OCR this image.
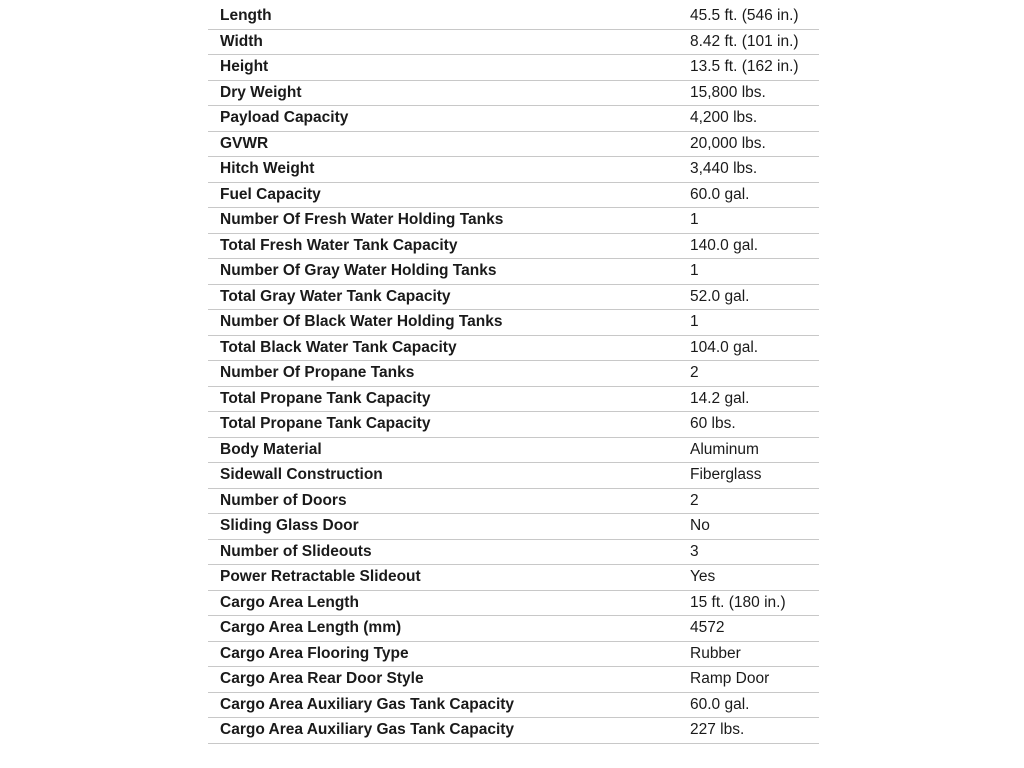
Length	45.5 ft. (546 in.)
Width	8.42 ft. (101 in.)
Height	13.5 ft. (162 in.)
Dry Weight	15,800 lbs.
Payload Capacity	4,200 lbs.
GVWR	20,000 lbs.
Hitch Weight	3,440 lbs.
Fuel Capacity	60.0 gal.
Number Of Fresh Water Holding Tanks	1
Total Fresh Water Tank Capacity	140.0 gal.
Number Of Gray Water Holding Tanks	1
Total Gray Water Tank Capacity	52.0 gal.
Number Of Black Water Holding Tanks	1
Total Black Water Tank Capacity	104.0 gal.
Number Of Propane Tanks	2
Total Propane Tank Capacity	14.2 gal.
Total Propane Tank Capacity	60 lbs.
Body Material	Aluminum
Sidewall Construction	Fiberglass
Number of Doors	2
Sliding Glass Door	No
Number of Slideouts	3
Power Retractable Slideout	Yes
Cargo Area Length	15 ft. (180 in.)
Cargo Area Length (mm)	4572
Cargo Area Flooring Type	Rubber
Cargo Area Rear Door Style	Ramp Door
Cargo Area Auxiliary Gas Tank Capacity	60.0 gal.
Cargo Area Auxiliary Gas Tank Capacity	227 lbs.
